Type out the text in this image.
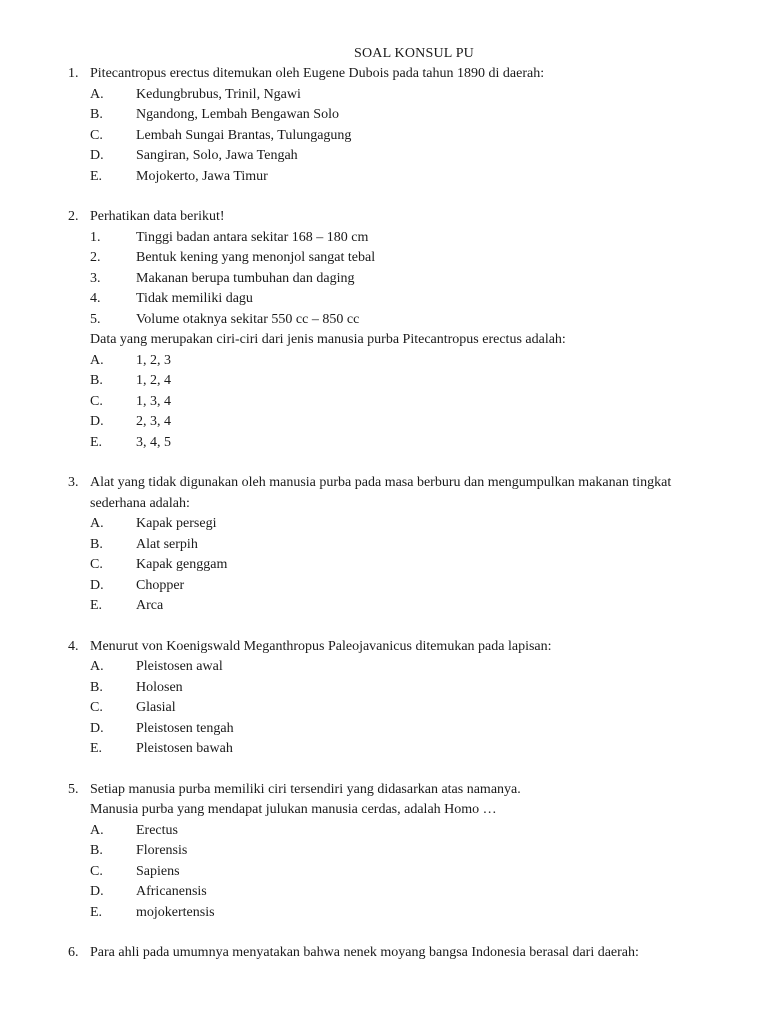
SOAL KONSUL PU
1. Pitecantropus erectus ditemukan oleh Eugene Dubois pada tahun 1890 di daerah:
A. Kedungbrubus, Trinil, Ngawi
B. Ngandong, Lembah Bengawan Solo
C. Lembah Sungai Brantas, Tulungagung
D. Sangiran, Solo, Jawa Tengah
E. Mojokerto, Jawa Timur
2. Perhatikan data berikut!
1.	Tinggi badan antara sekitar 168 – 180 cm
2.	Bentuk kening yang menonjol sangat tebal
3.	Makanan berupa tumbuhan dan daging
4.	Tidak memiliki dagu
5.	Volume otaknya sekitar 550 cc – 850 cc
Data yang merupakan ciri-ciri dari jenis manusia purba Pitecantropus erectus adalah:
A. 1, 2, 3
B. 1, 2, 4
C. 1, 3, 4
D. 2, 3, 4
E. 3, 4, 5
3. Alat yang tidak digunakan oleh manusia purba pada masa berburu dan mengumpulkan makanan tingkat
sederhana adalah:
A. Kapak persegi
B. Alat serpih
C. Kapak genggam
D. Chopper
E. Arca
4. Menurut von Koenigswald Meganthropus Paleojavanicus ditemukan pada lapisan:
A. Pleistosen awal
B. Holosen
C. Glasial
D. Pleistosen tengah
E. Pleistosen bawah
5. Setiap manusia purba memiliki ciri tersendiri yang didasarkan atas namanya.
Manusia purba yang mendapat julukan manusia cerdas, adalah Homo …
A. Erectus
B. Florensis
C. Sapiens
D. Africanensis
E. mojokertensis
6. Para ahli pada umumnya menyatakan bahwa nenek moyang bangsa Indonesia berasal dari daerah:
